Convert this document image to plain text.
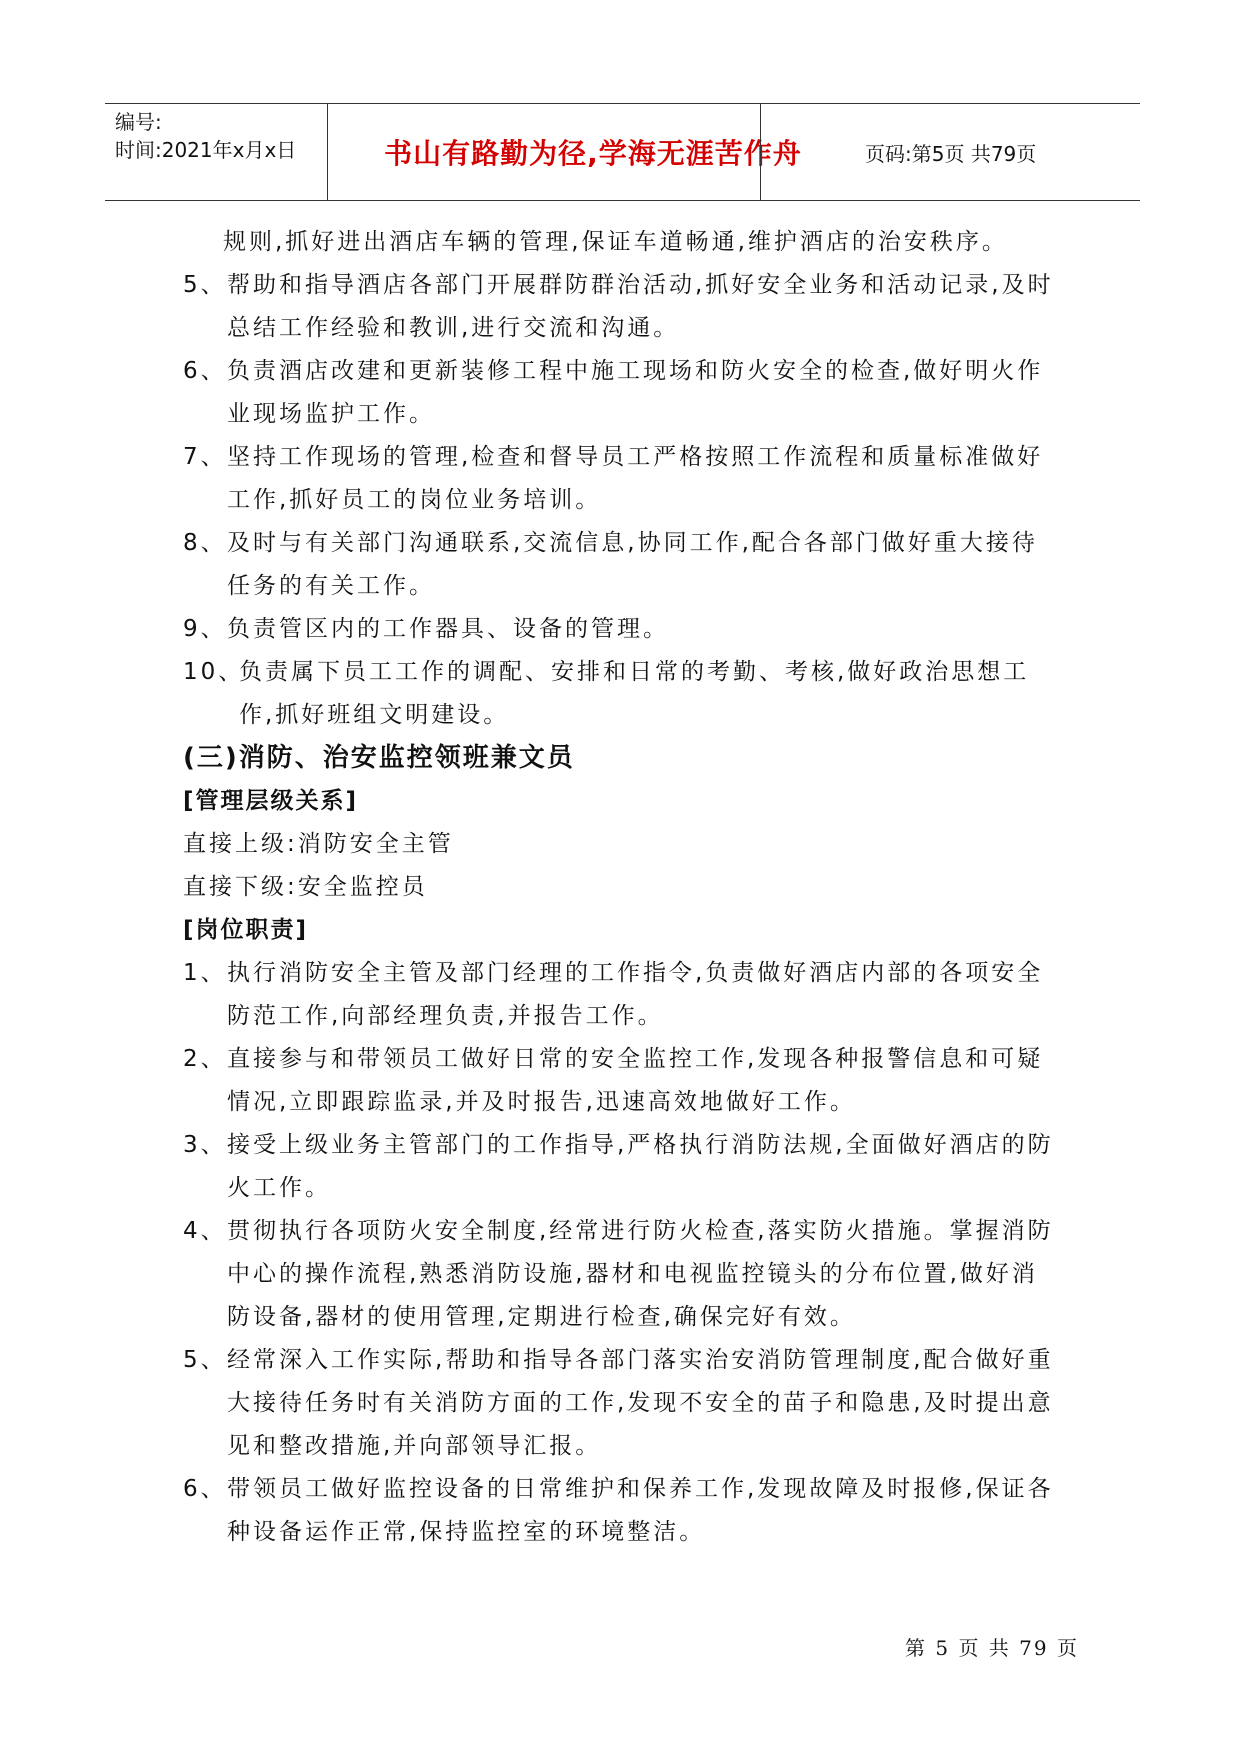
编号:
时间:2021年x月x日	书山有路勤为径,学海无涯苦作舟	页码:第5页 共79页
规则,抓好进出酒店车辆的管理,保证车道畅通,维护酒店的治安秩序。
5、 帮助和指导酒店各部门开展群防群治活动,抓好安全业务和活动记录,及时总结工作经验和教训,进行交流和沟通。
6、 负责酒店改建和更新装修工程中施工现场和防火安全的检查,做好明火作业现场监护工作。
7、 坚持工作现场的管理,检查和督导员工严格按照工作流程和质量标准做好工作,抓好员工的岗位业务培训。
8、 及时与有关部门沟通联系,交流信息,协同工作,配合各部门做好重大接待任务的有关工作。
9、 负责管区内的工作器具、设备的管理。
10、
负责属下员工工作的调配、安排和日常的考勤、考核,做好政治思想工作,抓好班组文明建设。
(三)消防、治安监控领班兼文员
[管理层级关系]
直接上级:消防安全主管
直接下级:安全监控员
[岗位职责]
1、 执行消防安全主管及部门经理的工作指令,负责做好酒店内部的各项安全防范工作,向部经理负责,并报告工作。
2、 直接参与和带领员工做好日常的安全监控工作,发现各种报警信息和可疑情况,立即跟踪监录,并及时报告,迅速高效地做好工作。
3、 接受上级业务主管部门的工作指导,严格执行消防法规,全面做好酒店的防火工作。
4、 贯彻执行各项防火安全制度,经常进行防火检查,落实防火措施。掌握消防中心的操作流程,熟悉消防设施,器材和电视监控镜头的分布位置,做好消防设备,器材的使用管理,定期进行检查,确保完好有效。
5、 经常深入工作实际,帮助和指导各部门落实治安消防管理制度,配合做好重大接待任务时有关消防方面的工作,发现不安全的苗子和隐患,及时提出意见和整改措施,并向部领导汇报。
6、 带领员工做好监控设备的日常维护和保养工作,发现故障及时报修,保证各种设备运作正常,保持监控室的环境整洁。
第 5 页 共 79 页
